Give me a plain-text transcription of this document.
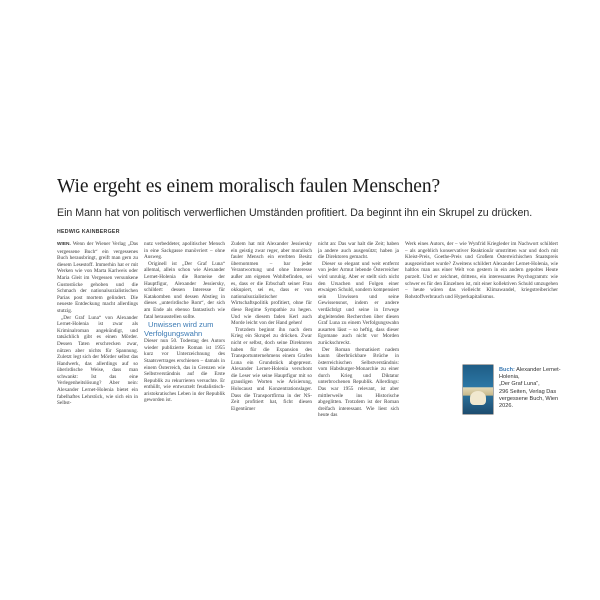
Wie ergeht es einem moralisch faulen Menschen?

Ein Mann hat von politisch verwerflichen Umständen profitiert. Da beginnt ihn ein Skrupel zu drücken.

HEDWIG KAINBERGER

WIEN. Wenn der Wiener Verlag „Das vergessene Buch“ ein vergessenes Buch herausbringt, greift man gern zu diesem Lesestoff. Immerhin hat er mit Werken wie von Marta Karlweis oder Maria Gleit im Vergessen versunkene Gustostücke gehoben und die Schmach der nationalsozialistischen Parias post mortem gelindert. Die neueste Entdeckung macht allerdings stutzig.

„Der Graf Luna“ von Alexander Lernet-Holenia ist zwar als Kriminalroman angekündigt, und tatsächlich gibt es einen Mörder. Dessen Taten erschrecken zwar, nützen aber nichts für Spannung. Zuletzt legt sich der Mörder selbst das Handwerk, das allerdings auf so überirdische Weise, dass man schwankt: Ist das eine Verlegenheitslösung? Aber nein: Alexander Lernet-Holenia bietet ein fabelhaftes Lehrstück, wie sich ein in Selbst-

nutz verbeddeter, apolitischer Mensch in eine Sackgasse manövriert – ohne Ausweg.

Originell ist „Der Graf Luna“ allemal, allein schon wie Alexander Lernet-Holenia die Romeise der Hauptfigur, Alexander Jessiersky, schildert: dessen Interesse für Katakomben und dessen Abstieg in dieses „unterirdische Rom“, der sich am Ende als ebenso fantastisch wie fatal herausstellen sollte.

Unwissen wird zum Verfolgungswahn

Dieser nun 50. Todestag des Autors wieder publizierte Roman ist 1955 kurz vor Unterzeichnung des Staatsvertrages erschienen – damals in einem Österreich, das in Grenzen wie Selbstverständnis auf die Erste Republik zu rekurrieren versuchte. Er enthüllt, wie entwurzelt feudalistisch-aristokratisches Leben in der Republik geworden ist.

Zudem hat mit Alexander Jessiersky ein geistig zwar reger, aber moralisch fauler Mensch ein ererbten Besitz übernommen – bar jeder Verantwortung und ohne Interesse außer am eigenen Wohlbefinden, sei es, dass er die Erbschaft seiner Frau okkupiert, sei es, dass er von nationalsozialistischer Wirtschaftspolitik profitiert, ohne für diese Regime Sympathie zu hegen. Und wie diesem faden Kerl auch Morde leicht von der Hand gehen!

Trotzdem beginnt ihn nach dem Krieg ein Skrupel zu drücken. Zwar nicht er selbst, doch seine Direktoren haben für die Expansion des Transportunternehmens einem Grafen Luna ein Grundstück abgepresst. Alexander Lernet-Holenia verschont die Leser wie seine Hauptfigur mit so grausligen Worten wie Arisierung, Holocaust und Konzentrationslager. Dass die Transportfirma in der NS-Zeit profitiert hat, ficht diesen Eigentümer

nicht an: Das war halt die Zeit; haben ja andere auch ausgenützt; haben ja die Direktoren gemacht.

Dieser so elegant und weit entfernt von jeder Armut lebende Österreicher wird unruhig. Aber er stellt sich nicht den Ursachen und Folgen einer etwaigen Schuld, sondern kompensiert sein Unwissen und seine Gewissensnot, indem er andere verdächtigt und seine in Irrwege abgleitenden Recherchen über diesen Graf Luna zu einem Verfolgungswahn ausarten lässt – so heftig, dass dieser Egomane auch nicht vor Morden zurückschreckt.

Der Roman thematisiert nadem kaum überbrückbare Brüche in österreichischen Selbstverständnis: vom Habsburger-Monarchie zu einer durch Krieg und Diktatur unterbrochenen Republik. Allerdings: Das war 1955 relevant, ist aber mittlerweile ins Historische abgeglitten. Trotzdem ist der Roman dreifach interessant. Wie liest sich heute das

Werk eines Autors, der – wie Wynfrid Kriegleder im Nachwort schildert – als angeblich konservativer Reaktionär umstritten war und doch mit Kleist-Preis, Goethe-Preis und Großem Österreichischen Staatspreis ausgezeichnet wurde? Zweitens schildert Alexander Lernet-Holenia, wie haltlos man aus einer Welt von gestern in ein andern gepoltes Heute purzelt. Und er zeichnet, drittens, ein interessantes Psychogramm: wie schwer es für den Einzelnen ist, mit einer kollektiven Schuld umzugehen – heute wären das vielleicht Klimawandel, kriegstreibericher Rohstoffverbrauch und Hyperkapitalismus.

Buch: Alexander Lernet-Holenia,
„Der Graf Luna“,
296 Seiten, Verlag Das vergessene Buch, Wien 2026.
